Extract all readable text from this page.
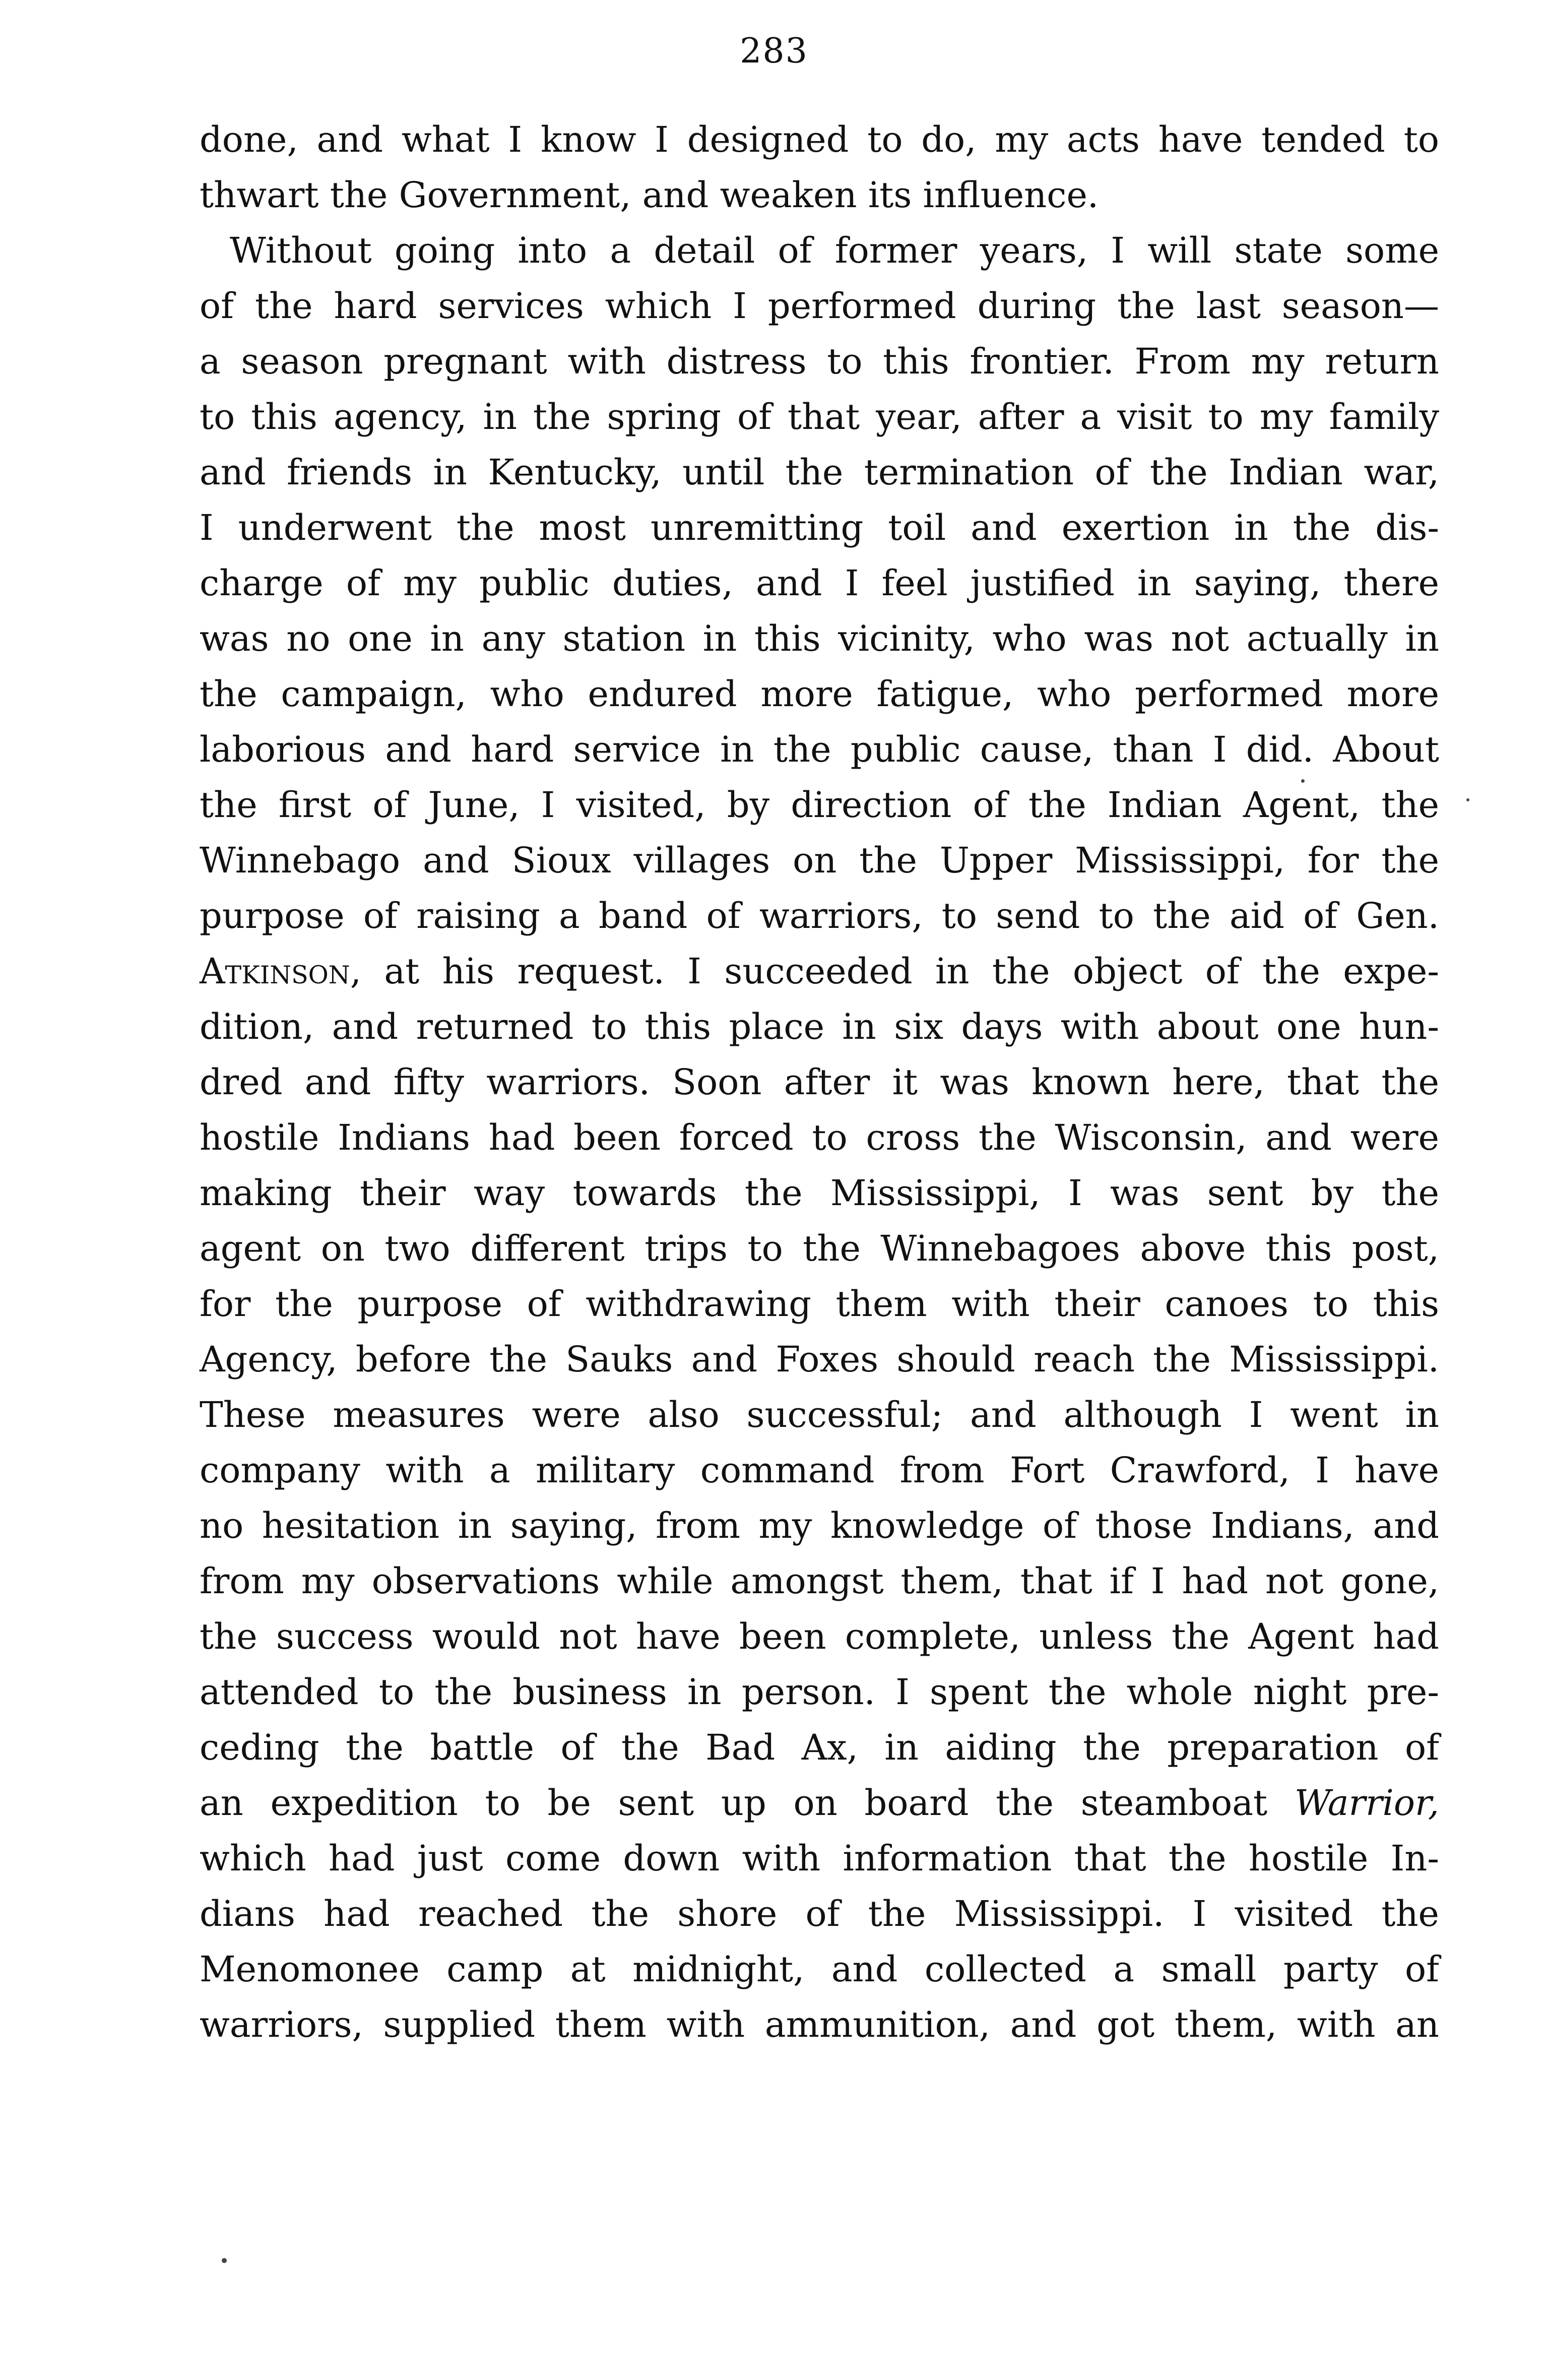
283
done, and what I know I designed to do, my acts have tended to
thwart the Government, and weaken its influence.
Without going into a detail of former years, I will state some
of the hard services which I performed during the last season—
a season pregnant with distress to this frontier. From my return
to this agency, in the spring of that year, after a visit to my family
and friends in Kentucky, until the termination of the Indian war,
I underwent the most unremitting toil and exertion in the dis-
charge of my public duties, and I feel justified in saying, there
was no one in any station in this vicinity, who was not actually in
the campaign, who endured more fatigue, who performed more
laborious and hard service in the public cause, than I did. About
the first of June, I visited, by direction of the Indian Agent, the
Winnebago and Sioux villages on the Upper Mississippi, for the
purpose of raising a band of warriors, to send to the aid of Gen.
Atkinson, at his request. I succeeded in the object of the expe-
dition, and returned to this place in six days with about one hun-
dred and fifty warriors. Soon after it was known here, that the
hostile Indians had been forced to cross the Wisconsin, and were
making their way towards the Mississippi, I was sent by the
agent on two different trips to the Winnebagoes above this post,
for the purpose of withdrawing them with their canoes to this
Agency, before the Sauks and Foxes should reach the Mississippi.
These measures were also successful; and although I went in
company with a military command from Fort Crawford, I have
no hesitation in saying, from my knowledge of those Indians, and
from my observations while amongst them, that if I had not gone,
the success would not have been complete, unless the Agent had
attended to the business in person. I spent the whole night pre-
ceding the battle of the Bad Ax, in aiding the preparation of
an expedition to be sent up on board the steamboat Warrior,
which had just come down with information that the hostile In-
dians had reached the shore of the Mississippi. I visited the
Menomonee camp at midnight, and collected a small party of
warriors, supplied them with ammunition, and got them, with an
